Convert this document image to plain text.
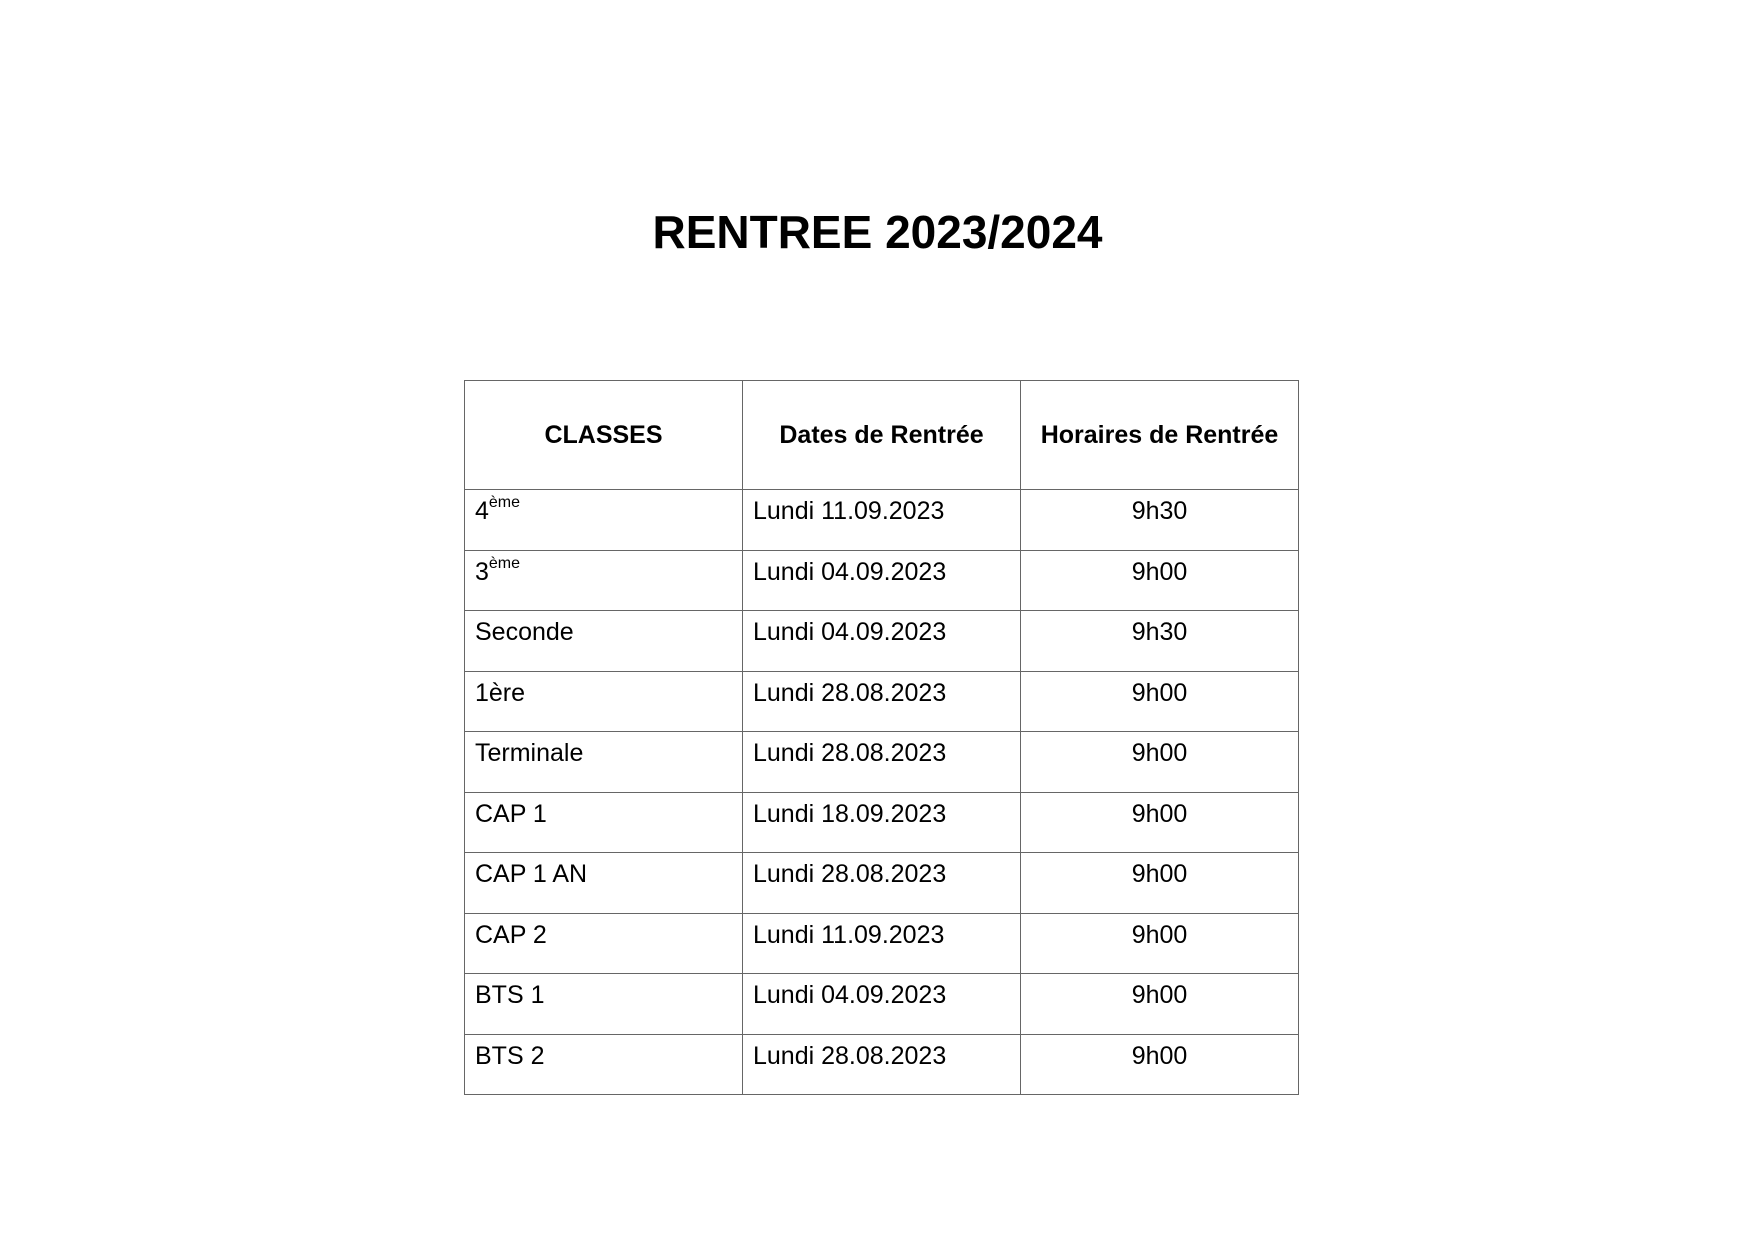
RENTREE 2023/2024
CLASSES	Dates de Rentrée	Horaires de Rentrée
4ème	Lundi 11.09.2023	9h30
3ème	Lundi 04.09.2023	9h00
Seconde	Lundi 04.09.2023	9h30
1ère	Lundi 28.08.2023	9h00
Terminale	Lundi 28.08.2023	9h00
CAP 1	Lundi 18.09.2023	9h00
CAP 1 AN	Lundi 28.08.2023	9h00
CAP 2	Lundi 11.09.2023	9h00
BTS 1	Lundi 04.09.2023	9h00
BTS 2	Lundi 28.08.2023	9h00
